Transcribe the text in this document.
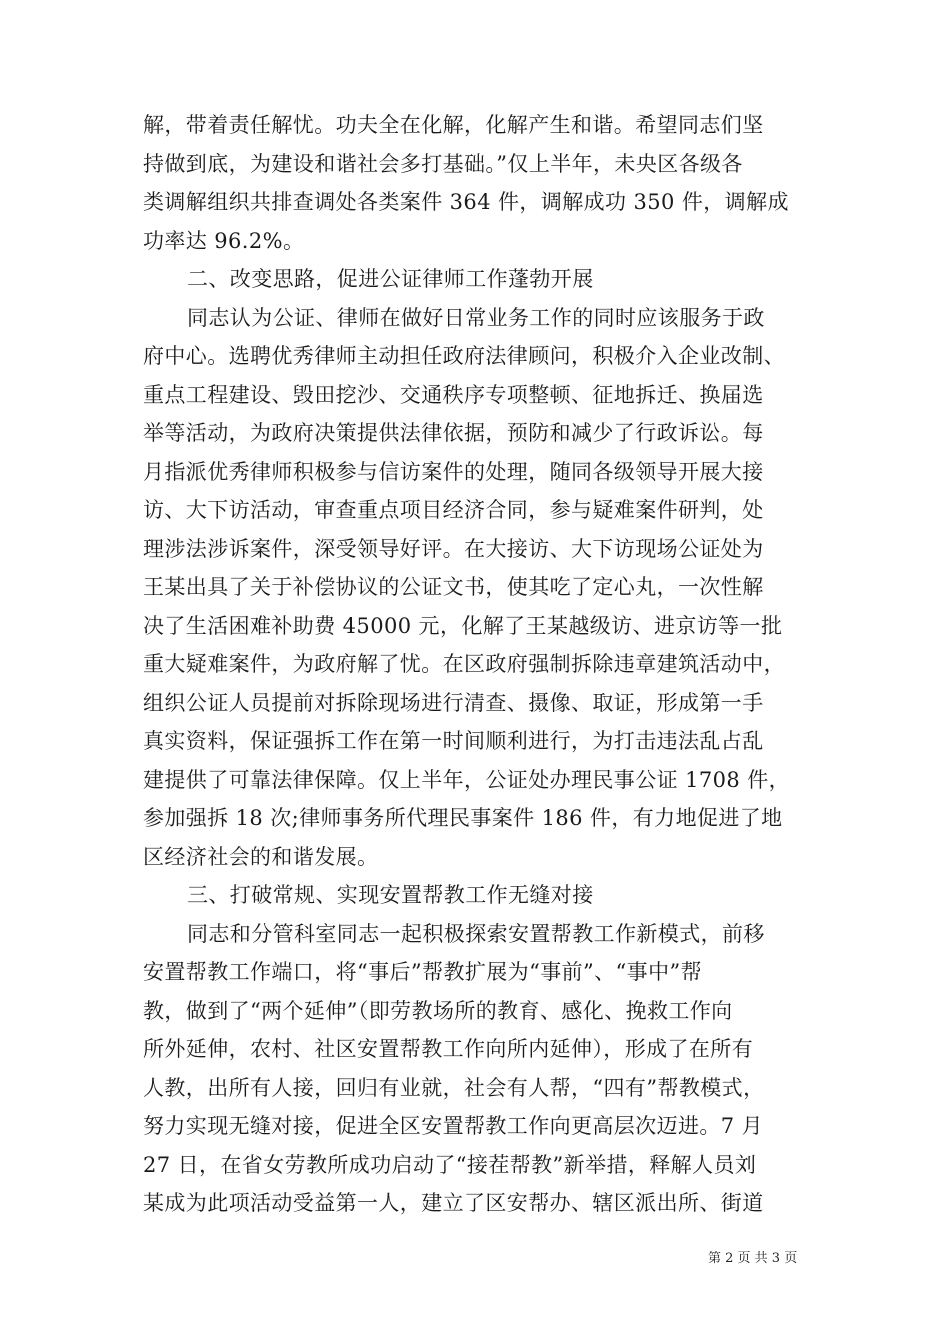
解，带着责任解忧。功夫全在化解，化解产生和谐。希望同志们坚
持做到底，为建设和谐社会多打基础。”仅上半年，未央区各级各
类调解组织共排查调处各类案件 364 件，调解成功 350 件，调解成
功率达 96.2%。
二、改变思路，促进公证律师工作蓬勃开展
同志认为公证、律师在做好日常业务工作的同时应该服务于政
府中心。选聘优秀律师主动担任政府法律顾问，积极介入企业改制、
重点工程建设、毁田挖沙、交通秩序专项整顿、征地拆迁、换届选
举等活动，为政府决策提供法律依据，预防和减少了行政诉讼。每
月指派优秀律师积极参与信访案件的处理，随同各级领导开展大接
访、大下访活动，审查重点项目经济合同，参与疑难案件研判，处
理涉法涉诉案件，深受领导好评。在大接访、大下访现场公证处为
王某出具了关于补偿协议的公证文书，使其吃了定心丸，一次性解
决了生活困难补助费 45000 元，化解了王某越级访、进京访等一批
重大疑难案件，为政府解了忧。在区政府强制拆除违章建筑活动中，
组织公证人员提前对拆除现场进行清查、摄像、取证，形成第一手
真实资料，保证强拆工作在第一时间顺利进行，为打击违法乱占乱
建提供了可靠法律保障。仅上半年，公证处办理民事公证 1708 件，
参加强拆 18 次;律师事务所代理民事案件 186 件，有力地促进了地
区经济社会的和谐发展。
三、打破常规、实现安置帮教工作无缝对接
同志和分管科室同志一起积极探索安置帮教工作新模式，前移
安置帮教工作端口，将“事后”帮教扩展为“事前”、“事中”帮
教，做到了“两个延伸”（即劳教场所的教育、感化、挽救工作向
所外延伸，农村、社区安置帮教工作向所内延伸），形成了在所有
人教，出所有人接，回归有业就，社会有人帮，“四有”帮教模式，
努力实现无缝对接，促进全区安置帮教工作向更高层次迈进。7 月
27 日，在省女劳教所成功启动了“接茬帮教”新举措，释解人员刘
某成为此项活动受益第一人，建立了区安帮办、辖区派出所、街道
第 2 页 共 3 页
